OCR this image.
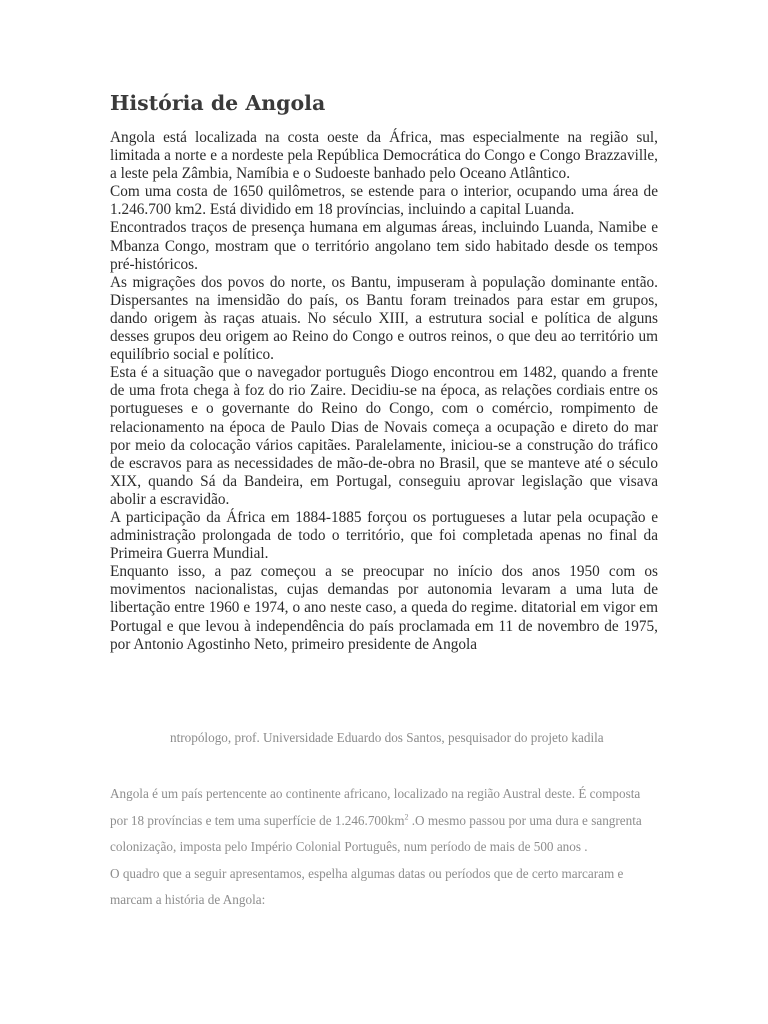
História de Angola

Angola está localizada na costa oeste da África, mas especialmente na região sul, limitada a norte e a nordeste pela República Democrática do Congo e Congo Brazzaville, a leste pela Zâmbia, Namíbia e o Sudoeste banhado pelo Oceano Atlântico.

Com uma costa de 1650 quilômetros, se estende para o interior, ocupando uma área de 1.246.700 km2. Está dividido em 18 províncias, incluindo a capital Luanda.

Encontrados traços de presença humana em algumas áreas, incluindo Luanda, Namibe e Mbanza Congo, mostram que o território angolano tem sido habitado desde os tempos pré-históricos.

As migrações dos povos do norte, os Bantu, impuseram à população dominante então. Dispersantes na imensidão do país, os Bantu foram treinados para estar em grupos, dando origem às raças atuais. No século XIII, a estrutura social e política de alguns desses grupos deu origem ao Reino do Congo e outros reinos, o que deu ao território um equilíbrio social e político.

Esta é a situação que o navegador português Diogo encontrou em 1482, quando a frente de uma frota chega à foz do rio Zaire. Decidiu-se na época, as relações cordiais entre os portugueses e o governante do Reino do Congo, com o comércio, rompimento de relacionamento na época de Paulo Dias de Novais começa a ocupação e direto do mar por meio da colocação vários capitães. Paralelamente, iniciou-se a construção do tráfico de escravos para as necessidades de mão-de-obra no Brasil, que se manteve até o século XIX, quando Sá da Bandeira, em Portugal, conseguiu aprovar legislação que visava abolir a escravidão.

A participação da África em 1884-1885 forçou os portugueses a lutar pela ocupação e administração prolongada de todo o território, que foi completada apenas no final da Primeira Guerra Mundial.

Enquanto isso, a paz começou a se preocupar no início dos anos 1950 com os movimentos nacionalistas, cujas demandas por autonomia levaram a uma luta de libertação entre 1960 e 1974, o ano neste caso, a queda do regime. ditatorial em vigor em Portugal e que levou à independência do país proclamada em 11 de novembro de 1975, por Antonio Agostinho Neto, primeiro presidente de Angola

ntropólogo, prof. Universidade Eduardo dos Santos, pesquisador do projeto kadila

Angola é um país pertencente ao continente africano, localizado na região Austral deste. É composta por 18 províncias e tem uma superfície de $1.246.700km^2$ .O mesmo passou por uma dura e sangrenta colonização, imposta pelo Império Colonial Português, num período de mais de 500 anos .

O quadro que a seguir apresentamos, espelha algumas datas ou períodos que de certo marcaram e marcam a história de Angola:
